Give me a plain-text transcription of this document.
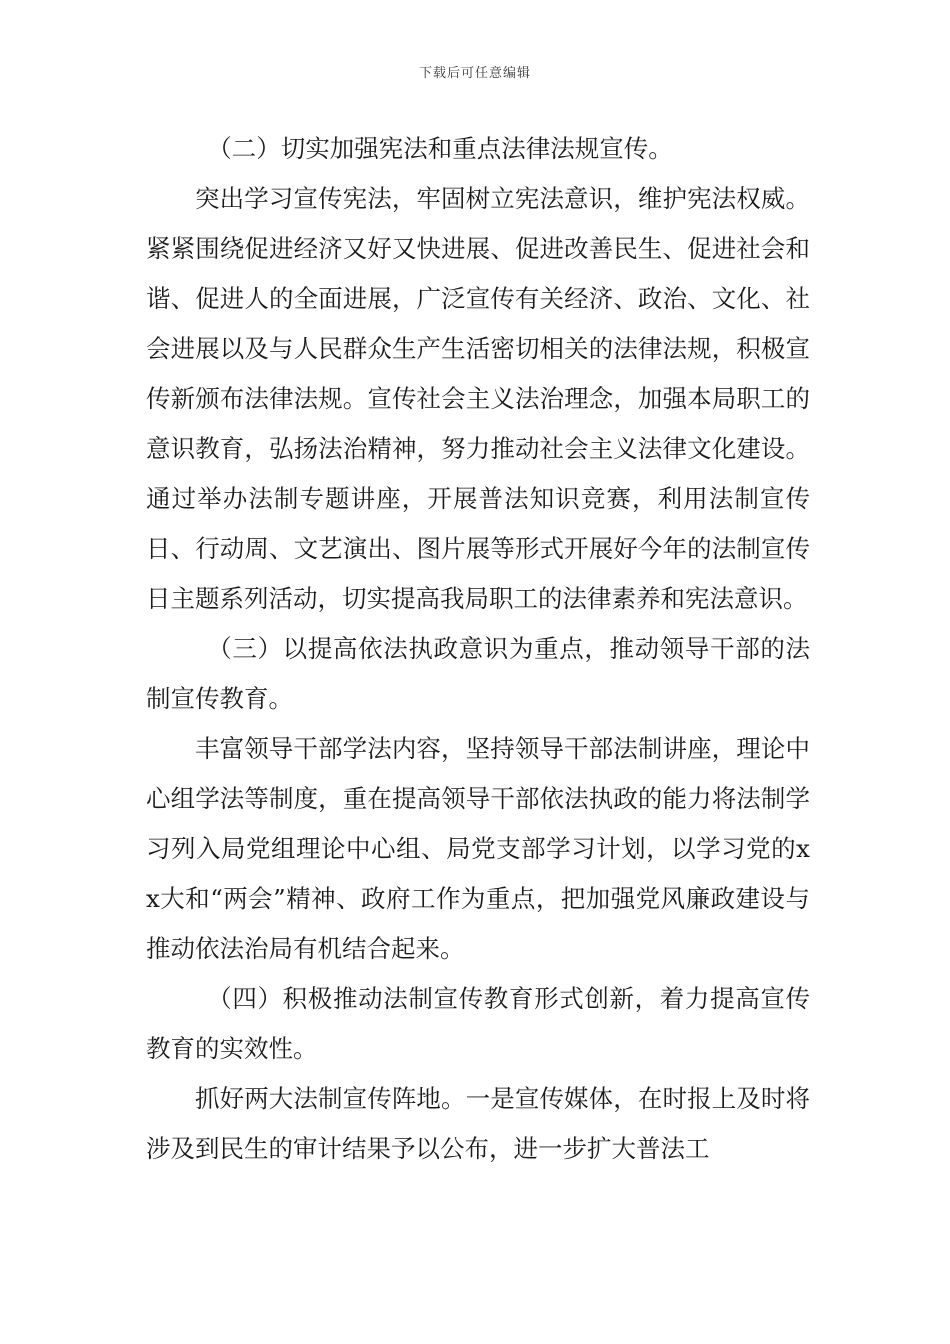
下载后可任意编辑

（二）切实加强宪法和重点法律法规宣传。

突出学习宣传宪法，牢固树立宪法意识，维护宪法权威。紧紧围绕促进经济又好又快进展、促进改善民生、促进社会和谐、促进人的全面进展，广泛宣传有关经济、政治、文化、社会进展以及与人民群众生产生活密切相关的法律法规，积极宣传新颁布法律法规。宣传社会主义法治理念，加强本局职工的意识教育，弘扬法治精神，努力推动社会主义法律文化建设。通过举办法制专题讲座，开展普法知识竞赛，利用法制宣传日、行动周、文艺演出、图片展等形式开展好今年的法制宣传日主题系列活动，切实提高我局职工的法律素养和宪法意识。

（三）以提高依法执政意识为重点，推动领导干部的法制宣传教育。

丰富领导干部学法内容，坚持领导干部法制讲座，理论中心组学法等制度，重在提高领导干部依法执政的能力将法制学习列入局党组理论中心组、局党支部学习计划，以学习党的xx大和“两会”精神、政府工作为重点，把加强党风廉政建设与推动依法治局有机结合起来。

（四）积极推动法制宣传教育形式创新，着力提高宣传教育的实效性。

抓好两大法制宣传阵地。一是宣传媒体，在时报上及时将涉及到民生的审计结果予以公布，进一步扩大普法工
